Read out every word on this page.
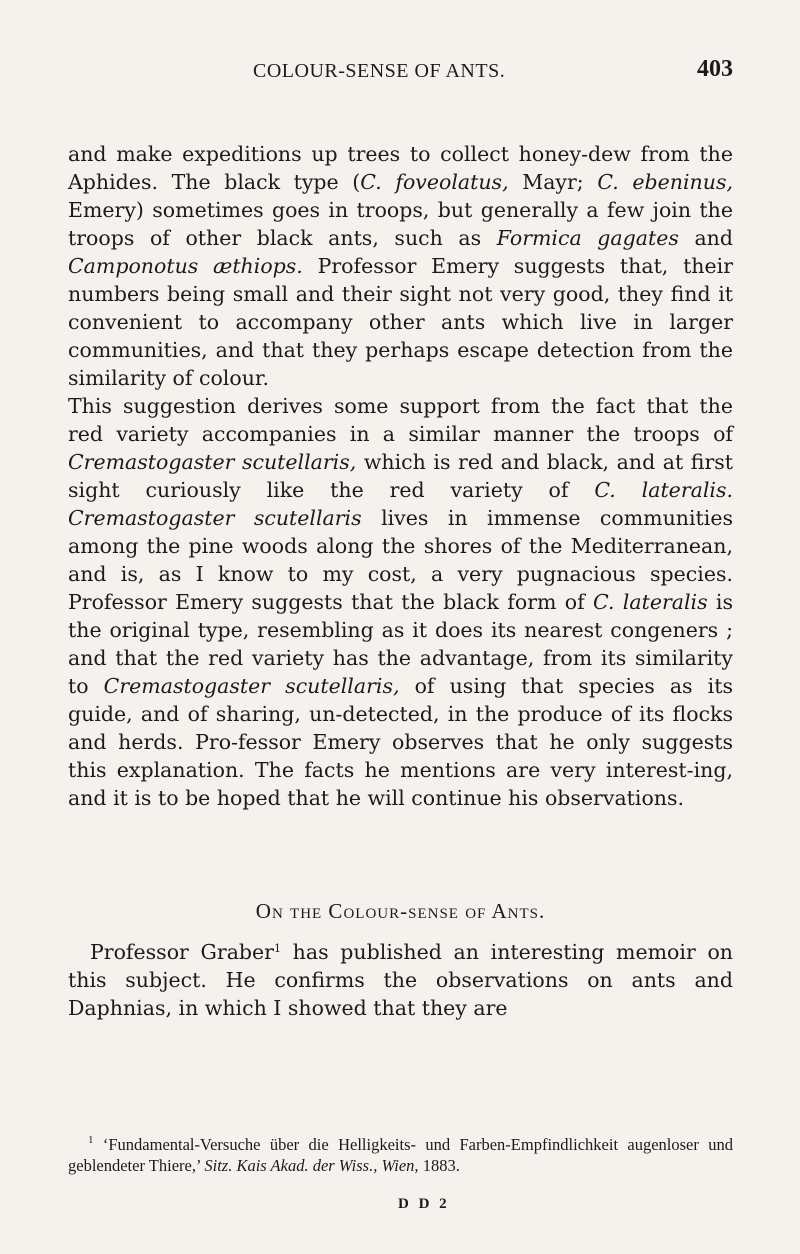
COLOUR-SENSE OF ANTS.	403

and make expeditions up trees to collect honey-dew from the Aphides. The black type (C. foveolatus, Mayr; C. ebeninus, Emery) sometimes goes in troops, but generally a few join the troops of other black ants, such as Formica gagates and Camponotus æthiops. Professor Emery suggests that, their numbers being small and their sight not very good, they find it convenient to accompany other ants which live in larger communities, and that they perhaps escape detection from the similarity of colour.

This suggestion derives some support from the fact that the red variety accompanies in a similar manner the troops of Cremastogaster scutellaris, which is red and black, and at first sight curiously like the red variety of C. lateralis. Cremastogaster scutellaris lives in immense communities among the pine woods along the shores of the Mediterranean, and is, as I know to my cost, a very pugnacious species. Professor Emery suggests that the black form of C. lateralis is the original type, resembling as it does its nearest congeners ; and that the red variety has the advantage, from its similarity to Cremastogaster scutellaris, of using that species as its guide, and of sharing, un-detected, in the produce of its flocks and herds. Pro-fessor Emery observes that he only suggests this explanation. The facts he mentions are very interest-ing, and it is to be hoped that he will continue his observations.

On the Colour-sense of Ants.

Professor Graber$^1$ has published an interesting memoir on this subject. He confirms the observations on ants and Daphnias, in which I showed that they are

$^1$ ‘Fundamental-Versuche über die Helligkeits- und Farben-Empfindlichkeit augenloser und geblendeter Thiere,’ Sitz. Kais Akad. der Wiss., Wien, 1883.

D D 2
